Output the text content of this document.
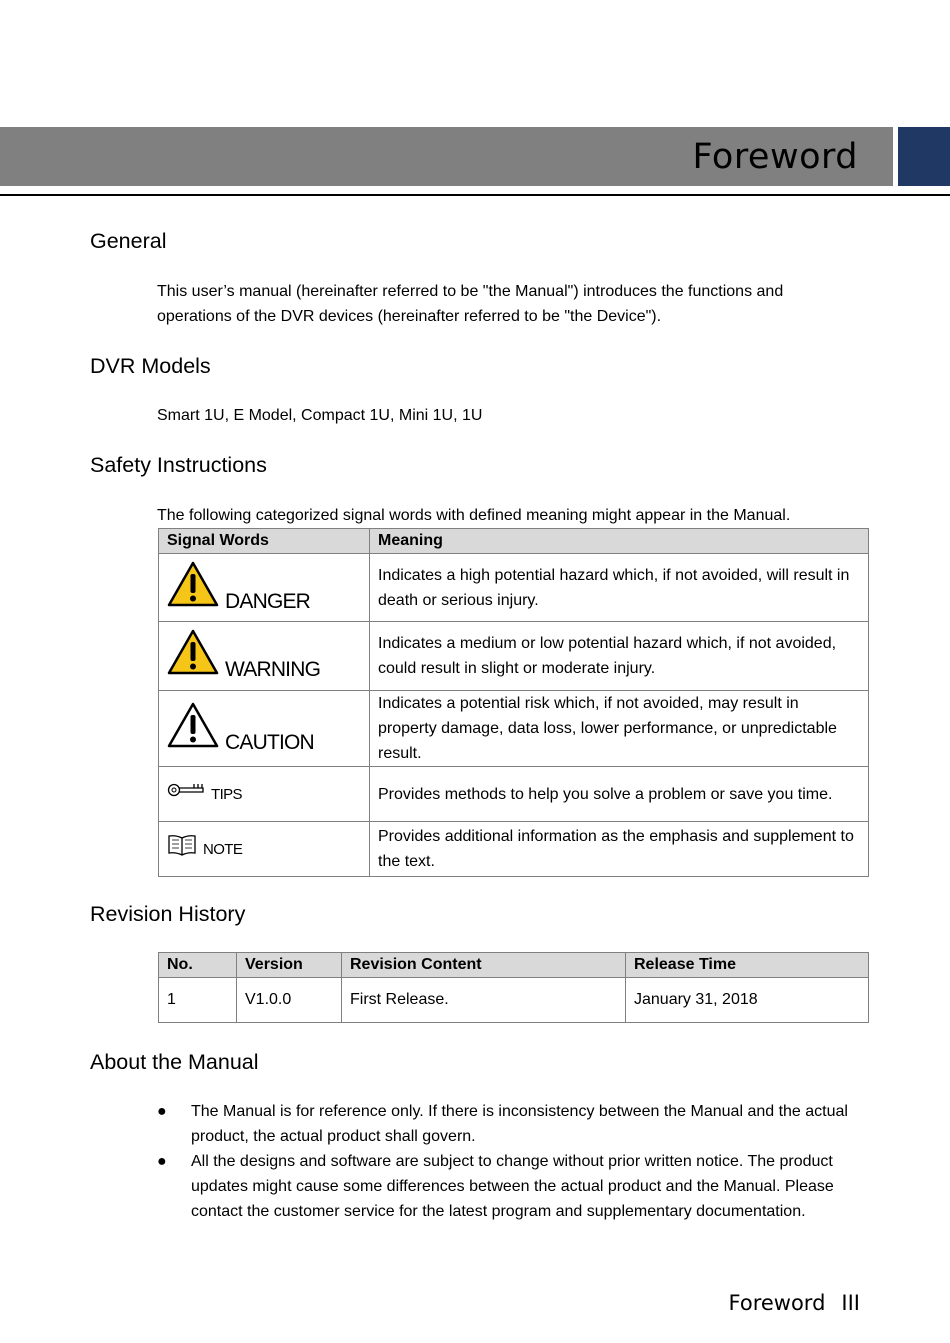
Foreword
General
This user’s manual (hereinafter referred to be "the Manual") introduces the functions and operations of the DVR devices (hereinafter referred to be "the Device").
DVR Models
Smart 1U, E Model, Compact 1U, Mini 1U, 1U
Safety Instructions
The following categorized signal words with defined meaning might appear in the Manual.
Signal Words	Meaning

DANGER	Indicates a high potential hazard which, if not avoided, will result in death or serious injury.

WARNING	Indicates a medium or low potential hazard which, if not avoided, could result in slight or moderate injury.

CAUTION	Indicates a potential risk which, if not avoided, may result in property damage, data loss, lower performance, or unpredictable result.

TIPS	Provides methods to help you solve a problem or save you time.

NOTE	Provides additional information as the emphasis and supplement to the text.
Revision History
No.	Version	Revision Content	Release Time
1	V1.0.0	First Release.	January 31, 2018
About the Manual
● The Manual is for reference only. If there is inconsistency between the Manual and the actual product, the actual product shall govern.
● All the designs and software are subject to change without prior written notice. The product updates might cause some differences between the actual product and the Manual. Please contact the customer service for the latest program and supplementary documentation.
Foreword III
